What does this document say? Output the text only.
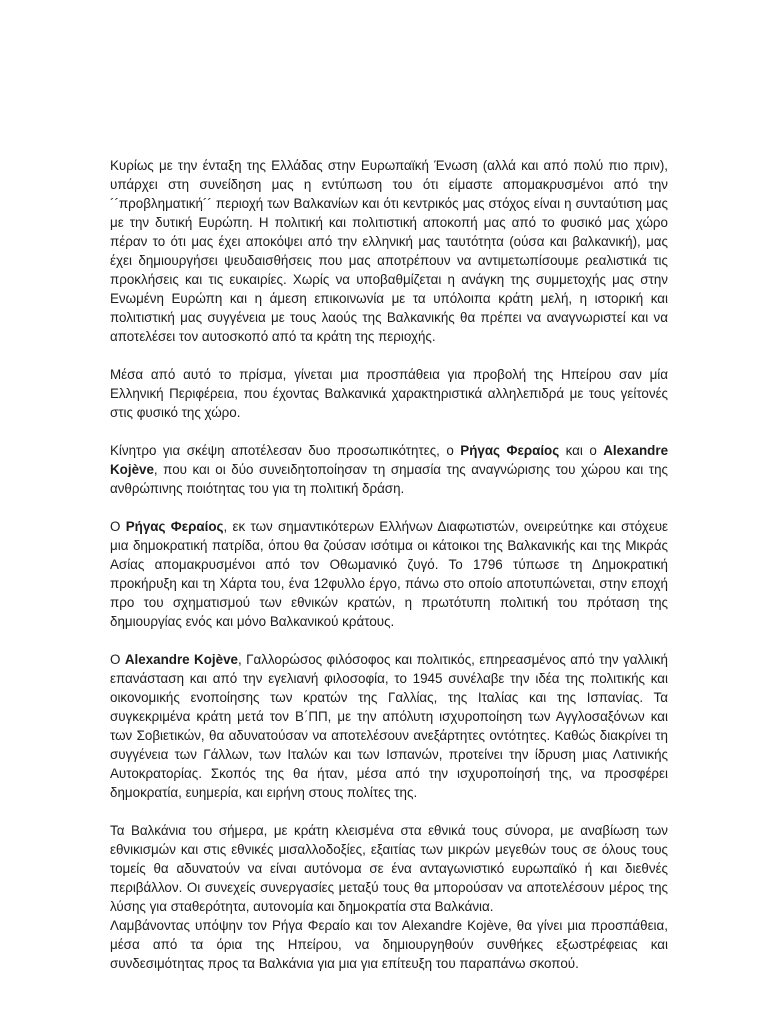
Κυρίως με την ένταξη της Ελλάδας στην Ευρωπαϊκή Ένωση (αλλά και από πολύ πιο πριν), υπάρχει στη συνείδηση μας η εντύπωση του ότι είμαστε απομακρυσμένοι από την ´´προβληματική´´ περιοχή των Βαλκανίων και ότι κεντρικός μας στόχος είναι η συνταύτιση μας με την δυτική Ευρώπη. Η πολιτική και πολιτιστική αποκοπή μας από το φυσικό μας χώρο πέραν το ότι μας έχει αποκόψει από την ελληνική μας ταυτότητα (ούσα και βαλκανική), μας έχει δημιουργήσει ψευδαισθήσεις που μας αποτρέπουν να αντιμετωπίσουμε ρεαλιστικά τις προκλήσεις και τις ευκαιρίες. Χωρίς να υποβαθμίζεται η ανάγκη της συμμετοχής μας στην Ενωμένη Ευρώπη και η άμεση επικοινωνία με τα υπόλοιπα κράτη μελή, η ιστορική και πολιτιστική μας συγγένεια με τους λαούς της Βαλκανικής θα πρέπει να αναγνωριστεί και να αποτελέσει τον αυτοσκοπό από τα κράτη της περιοχής.

Μέσα από αυτό το πρίσμα, γίνεται μια προσπάθεια για προβολή της Ηπείρου σαν μία Ελληνική Περιφέρεια, που έχοντας Βαλκανικά χαρακτηριστικά αλληλεπιδρά με τους γείτονές στις φυσικό της χώρο.

Κίνητρο για σκέψη αποτέλεσαν δυο προσωπικότητες, ο Ρήγας Φεραίος και ο Alexandre Kojève, που και οι δύο συνειδητοποίησαν τη σημασία της αναγνώρισης του χώρου και της ανθρώπινης ποιότητας του για τη πολιτική δράση.

Ο Ρήγας Φεραίος, εκ των σημαντικότερων Ελλήνων Διαφωτιστών, ονειρεύτηκε και στόχευε μια δημοκρατική πατρίδα, όπου θα ζούσαν ισότιμα οι κάτοικοι της Βαλκανικής και της Μικράς Ασίας απομακρυσμένοι από τον Οθωμανικό ζυγό. Το 1796 τύπωσε τη Δημοκρατική προκήρυξη και τη Χάρτα του, ένα 12φυλλο έργο, πάνω στο οποίο αποτυπώνεται, στην εποχή προ του σχηματισμού των εθνικών κρατών, η πρωτότυπη πολιτική του πρόταση της δημιουργίας ενός και μόνο Βαλκανικού κράτους.

Ο Alexandre Kojève, Γαλλορώσος φιλόσοφος και πολιτικός, επηρεασμένος από την γαλλική επανάσταση και από την εγελιανή φιλοσοφία, το 1945 συνέλαβε την ιδέα της πολιτικής και οικονομικής ενοποίησης των κρατών της Γαλλίας, της Ιταλίας και της Ισπανίας. Τα συγκεκριμένα κράτη μετά τον Β΄ΠΠ, με την απόλυτη ισχυροποίηση των Αγγλοσαξόνων και των Σοβιετικών, θα αδυνατούσαν να αποτελέσουν ανεξάρτητες οντότητες. Καθώς διακρίνει τη συγγένεια των Γάλλων, των Ιταλών και των Ισπανών, προτείνει την ίδρυση μιας Λατινικής Αυτοκρατορίας. Σκοπός της θα ήταν, μέσα από την ισχυροποίησή της, να προσφέρει δημοκρατία, ευημερία, και ειρήνη στους πολίτες της.

Τα Βαλκάνια του σήμερα, με κράτη κλεισμένα στα εθνικά τους σύνορα, με αναβίωση των εθνικισμών και στις εθνικές μισαλλοδοξίες, εξαιτίας των μικρών μεγεθών τους σε όλους τους τομείς θα αδυνατούν να είναι αυτόνομα σε ένα ανταγωνιστικό ευρωπαϊκό ή και διεθνές περιβάλλον. Οι συνεχείς συνεργασίες μεταξύ τους θα μπορούσαν να αποτελέσουν μέρος της λύσης για σταθερότητα, αυτονομία και δημοκρατία στα Βαλκάνια.

Λαμβάνοντας υπόψην τον Ρήγα Φεραίο και τον Alexandre Kojève, θα γίνει μια προσπάθεια, μέσα από τα όρια της Ηπείρου, να δημιουργηθούν συνθήκες εξωστρέφειας και συνδεσιμότητας προς τα Βαλκάνια για μια για επίτευξη του παραπάνω σκοπού.
